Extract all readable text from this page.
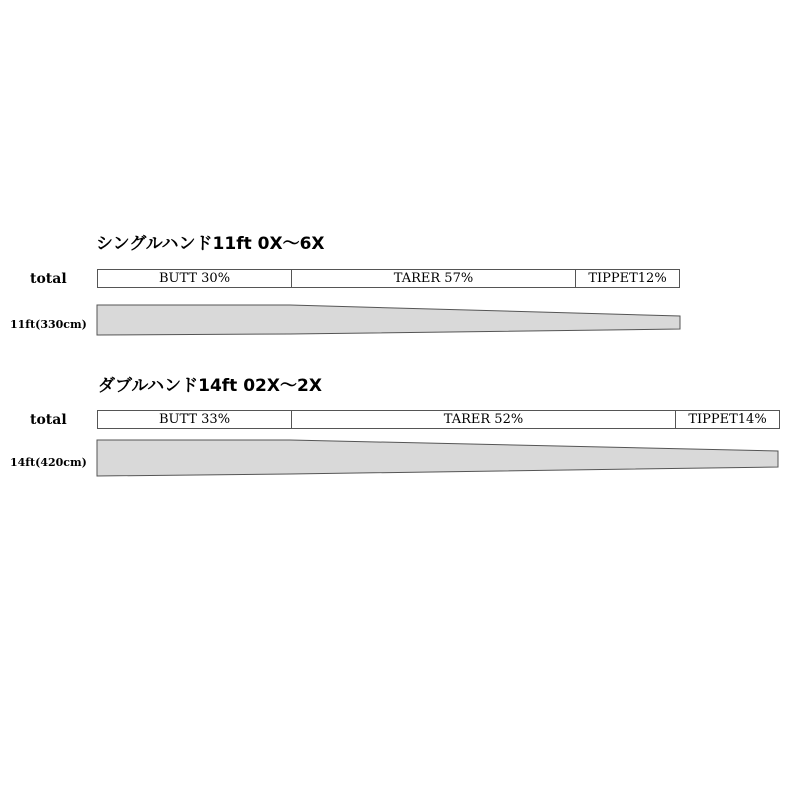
シングルハンド11ft 0X〜6X
total	BUTT 30%	TARER 57%	TIPPET12%
11ft(330cm)
ダブルハンド14ft 02X〜2X
total	BUTT 33%	TARER 52%	TIPPET14%
14ft(420cm)
